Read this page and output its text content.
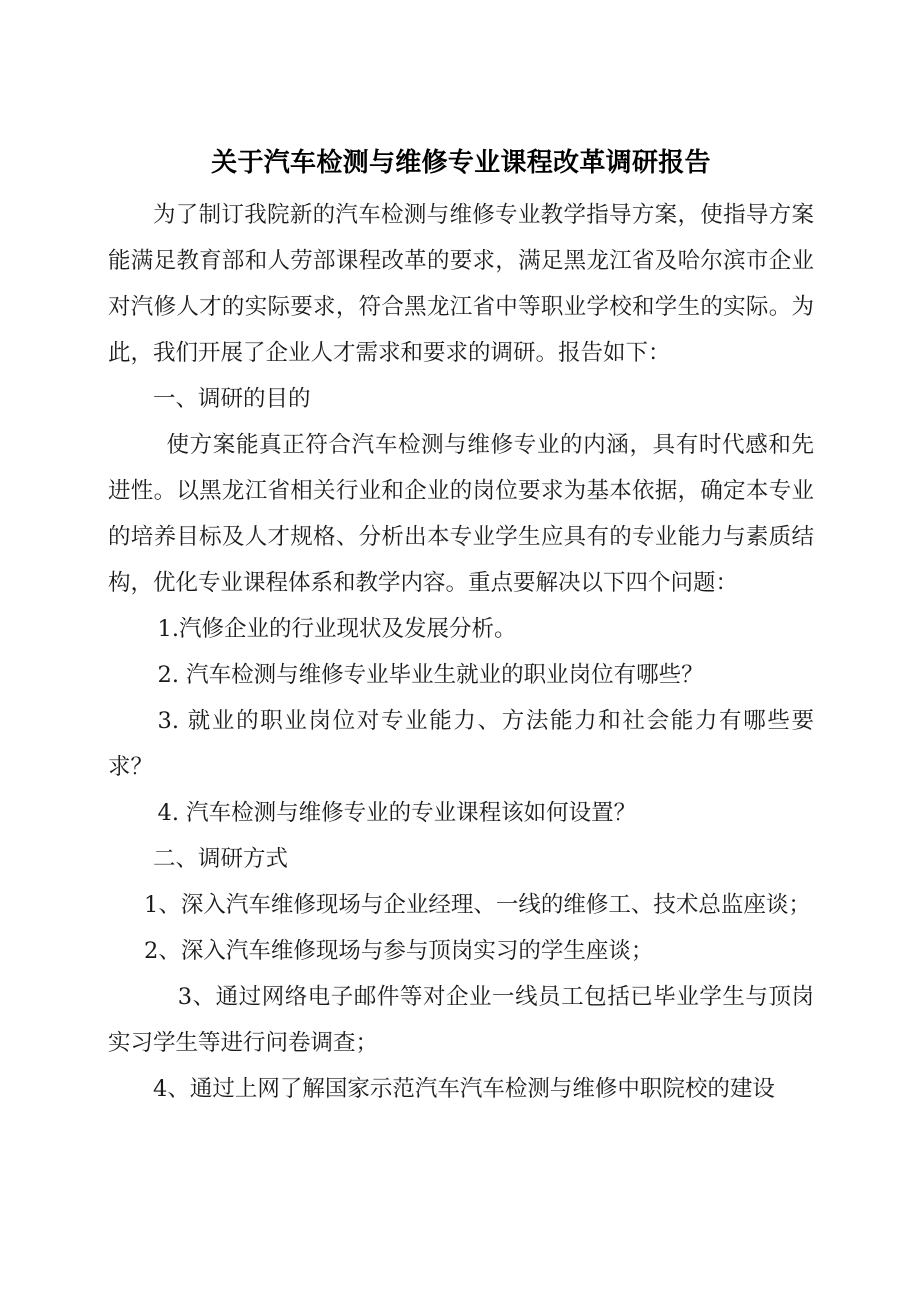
关于汽车检测与维修专业课程改革调研报告

为了制订我院新的汽车检测与维修专业教学指导方案，使指导方案能满足教育部和人劳部课程改革的要求，满足黑龙江省及哈尔滨市企业对汽修人才的实际要求，符合黑龙江省中等职业学校和学生的实际。为此，我们开展了企业人才需求和要求的调研。报告如下：

一、调研的目的

使方案能真正符合汽车检测与维修专业的内涵，具有时代感和先进性。以黑龙江省相关行业和企业的岗位要求为基本依据，确定本专业的培养目标及人才规格、分析出本专业学生应具有的专业能力与素质结构，优化专业课程体系和教学内容。重点要解决以下四个问题：

1.汽修企业的行业现状及发展分析。

2. 汽车检测与维修专业毕业生就业的职业岗位有哪些？

3. 就业的职业岗位对专业能力、方法能力和社会能力有哪些要求？

4. 汽车检测与维修专业的专业课程该如何设置？

二、调研方式

1、深入汽车维修现场与企业经理、一线的维修工、技术总监座谈；

2、深入汽车维修现场与参与顶岗实习的学生座谈；

3、通过网络电子邮件等对企业一线员工包括已毕业学生与顶岗实习学生等进行问卷调查；

4、通过上网了解国家示范汽车汽车检测与维修中职院校的建设
